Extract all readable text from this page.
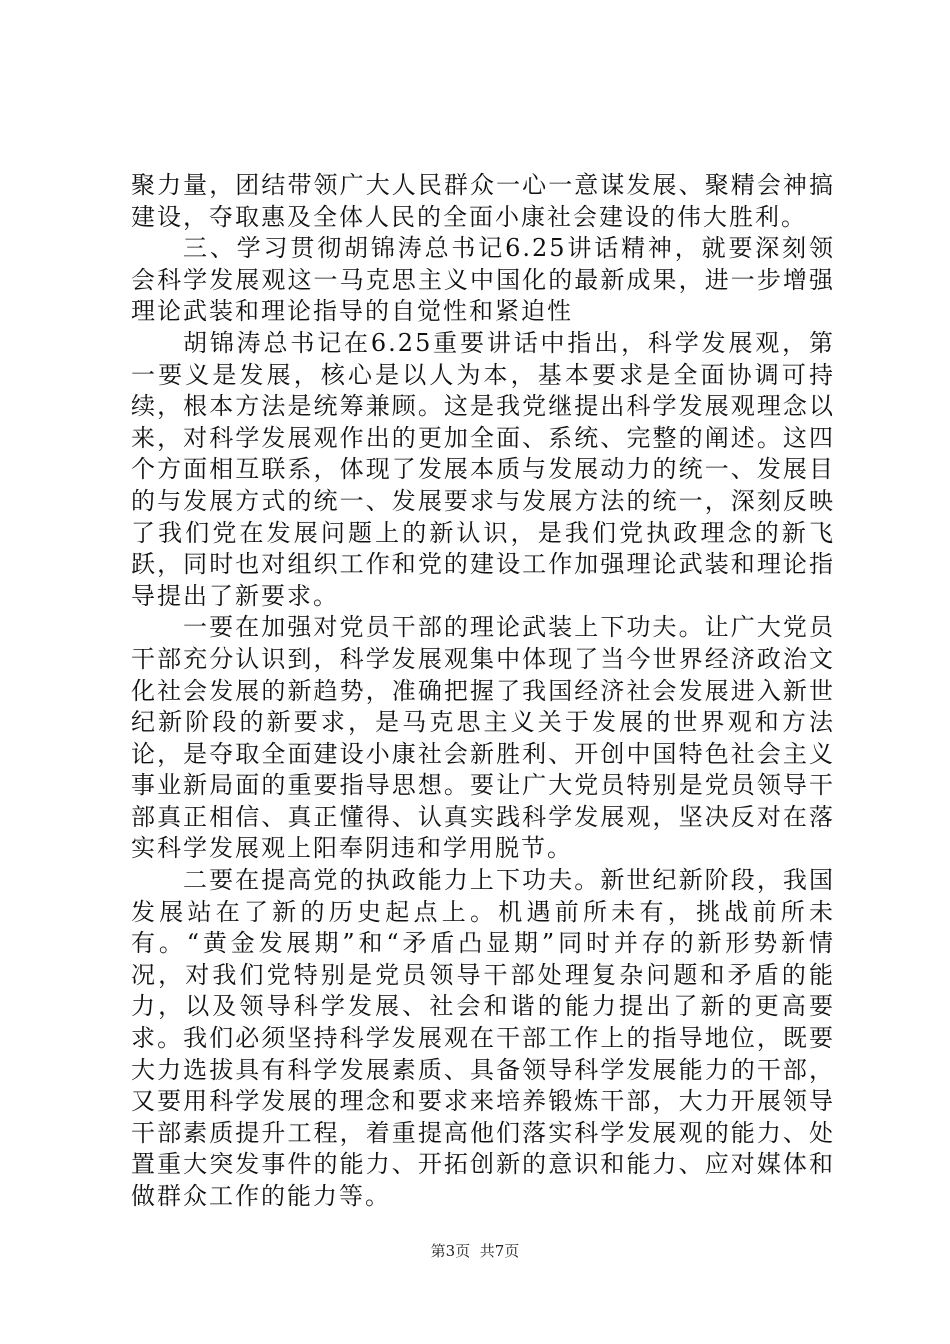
聚力量，团结带领广大人民群众一心一意谋发展、聚精会神搞建设，夺取惠及全体人民的全面小康社会建设的伟大胜利。

三、学习贯彻胡锦涛总书记6.25讲话精神，就要深刻领会科学发展观这一马克思主义中国化的最新成果，进一步增强理论武装和理论指导的自觉性和紧迫性

胡锦涛总书记在6.25重要讲话中指出，科学发展观，第一要义是发展，核心是以人为本，基本要求是全面协调可持续，根本方法是统筹兼顾。这是我党继提出科学发展观理念以来，对科学发展观作出的更加全面、系统、完整的阐述。这四个方面相互联系，体现了发展本质与发展动力的统一、发展目的与发展方式的统一、发展要求与发展方法的统一，深刻反映了我们党在发展问题上的新认识，是我们党执政理念的新飞跃，同时也对组织工作和党的建设工作加强理论武装和理论指导提出了新要求。

一要在加强对党员干部的理论武装上下功夫。让广大党员干部充分认识到，科学发展观集中体现了当今世界经济政治文化社会发展的新趋势，准确把握了我国经济社会发展进入新世纪新阶段的新要求，是马克思主义关于发展的世界观和方法论，是夺取全面建设小康社会新胜利、开创中国特色社会主义事业新局面的重要指导思想。要让广大党员特别是党员领导干部真正相信、真正懂得、认真实践科学发展观，坚决反对在落实科学发展观上阳奉阴违和学用脱节。

二要在提高党的执政能力上下功夫。新世纪新阶段，我国发展站在了新的历史起点上。机遇前所未有，挑战前所未有。“黄金发展期”和“矛盾凸显期”同时并存的新形势新情况，对我们党特别是党员领导干部处理复杂问题和矛盾的能力，以及领导科学发展、社会和谐的能力提出了新的更高要求。我们必须坚持科学发展观在干部工作上的指导地位，既要大力选拔具有科学发展素质、具备领导科学发展能力的干部，又要用科学发展的理念和要求来培养锻炼干部，大力开展领导干部素质提升工程，着重提高他们落实科学发展观的能力、处置重大突发事件的能力、开拓创新的意识和能力、应对媒体和做群众工作的能力等。

第3页 共7页
